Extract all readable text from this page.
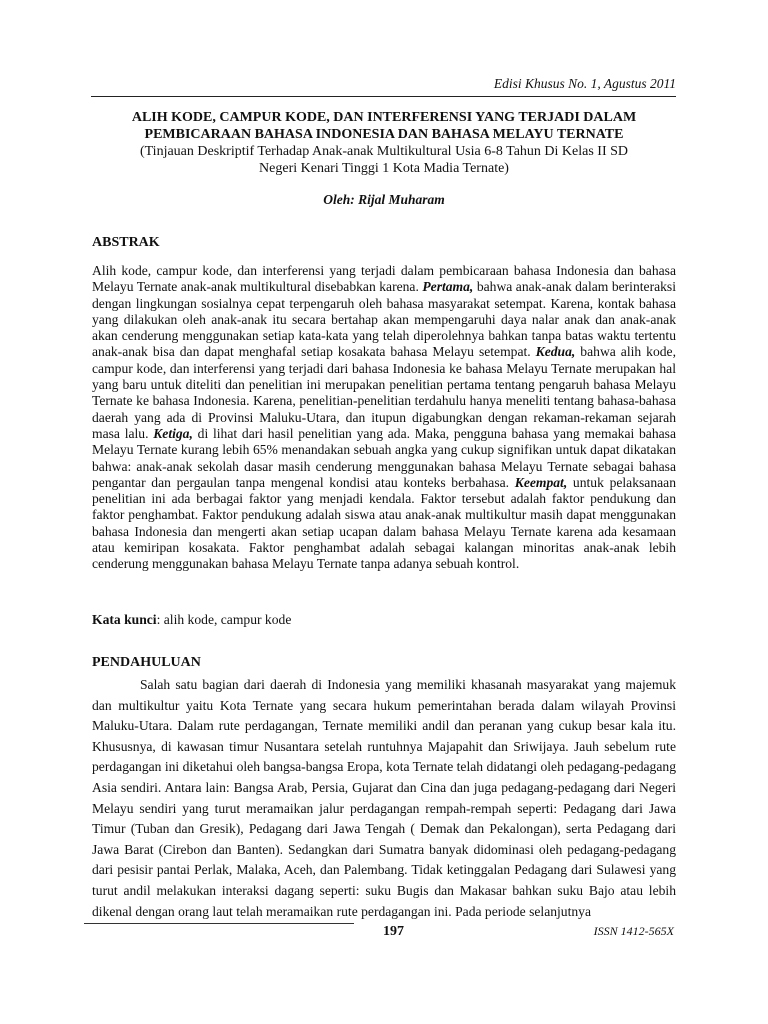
Edisi Khusus No. 1, Agustus 2011
ALIH KODE, CAMPUR KODE, DAN INTERFERENSI YANG TERJADI DALAM
PEMBICARAAN BAHASA INDONESIA DAN BAHASA MELAYU TERNATE
(Tinjauan Deskriptif Terhadap Anak-anak Multikultural Usia 6-8 Tahun Di Kelas II SD
Negeri Kenari Tinggi 1 Kota Madia Ternate)
Oleh: Rijal Muharam
ABSTRAK
Alih kode, campur kode, dan interferensi yang terjadi dalam pembicaraan bahasa Indonesia dan bahasa Melayu Ternate anak-anak multikultural disebabkan karena. Pertama, bahwa anak-anak dalam berinteraksi dengan lingkungan sosialnya cepat terpengaruh oleh bahasa masyarakat setempat. Karena, kontak bahasa yang dilakukan oleh anak-anak itu secara bertahap akan mempengaruhi daya nalar anak dan anak-anak akan cenderung menggunakan setiap kata-kata yang telah diperolehnya bahkan tanpa batas waktu tertentu anak-anak bisa dan dapat menghafal setiap kosakata bahasa Melayu setempat. Kedua, bahwa alih kode, campur kode, dan interferensi yang terjadi dari bahasa Indonesia ke bahasa Melayu Ternate merupakan hal yang baru untuk diteliti dan penelitian ini merupakan penelitian pertama tentang pengaruh bahasa Melayu Ternate ke bahasa Indonesia. Karena, penelitian-penelitian terdahulu hanya meneliti tentang bahasa-bahasa daerah yang ada di Provinsi Maluku-Utara, dan itupun digabungkan dengan rekaman-rekaman sejarah masa lalu. Ketiga, di lihat dari hasil penelitian yang ada. Maka, pengguna bahasa yang memakai bahasa Melayu Ternate kurang lebih 65% menandakan sebuah angka yang cukup signifikan untuk dapat dikatakan bahwa: anak-anak sekolah dasar masih cenderung menggunakan bahasa Melayu Ternate sebagai bahasa pengantar dan pergaulan tanpa mengenal kondisi atau konteks berbahasa. Keempat, untuk pelaksanaan penelitian ini ada berbagai faktor yang menjadi kendala. Faktor tersebut adalah faktor pendukung dan faktor penghambat. Faktor pendukung adalah siswa atau anak-anak multikultur masih dapat menggunakan bahasa Indonesia dan mengerti akan setiap ucapan dalam bahasa Melayu Ternate karena ada kesamaan atau kemiripan kosakata. Faktor penghambat adalah sebagai kalangan minoritas anak-anak lebih cenderung menggunakan bahasa Melayu Ternate tanpa adanya sebuah kontrol.
Kata kunci: alih kode, campur kode
PENDAHULUAN
Salah satu bagian dari daerah di Indonesia yang memiliki khasanah masyarakat yang majemuk dan multikultur yaitu Kota Ternate yang secara hukum pemerintahan berada dalam wilayah Provinsi Maluku-Utara. Dalam rute perdagangan, Ternate memiliki andil dan peranan yang cukup besar kala itu. Khususnya, di kawasan timur Nusantara setelah runtuhnya Majapahit dan Sriwijaya. Jauh sebelum rute perdagangan ini diketahui oleh bangsa-bangsa Eropa, kota Ternate telah didatangi oleh pedagang-pedagang Asia sendiri. Antara lain: Bangsa Arab, Persia, Gujarat dan Cina dan juga pedagang-pedagang dari Negeri Melayu sendiri yang turut meramaikan jalur perdagangan rempah-rempah seperti: Pedagang dari Jawa Timur (Tuban dan Gresik), Pedagang dari Jawa Tengah ( Demak dan Pekalongan), serta Pedagang dari Jawa Barat (Cirebon dan Banten). Sedangkan dari Sumatra banyak didominasi oleh pedagang-pedagang dari pesisir pantai Perlak, Malaka, Aceh, dan Palembang. Tidak ketinggalan Pedagang dari Sulawesi yang turut andil melakukan interaksi dagang seperti: suku Bugis dan Makasar bahkan suku Bajo atau lebih dikenal dengan orang laut telah meramaikan rute perdagangan ini. Pada periode selanjutnya
197	ISSN 1412-565X
